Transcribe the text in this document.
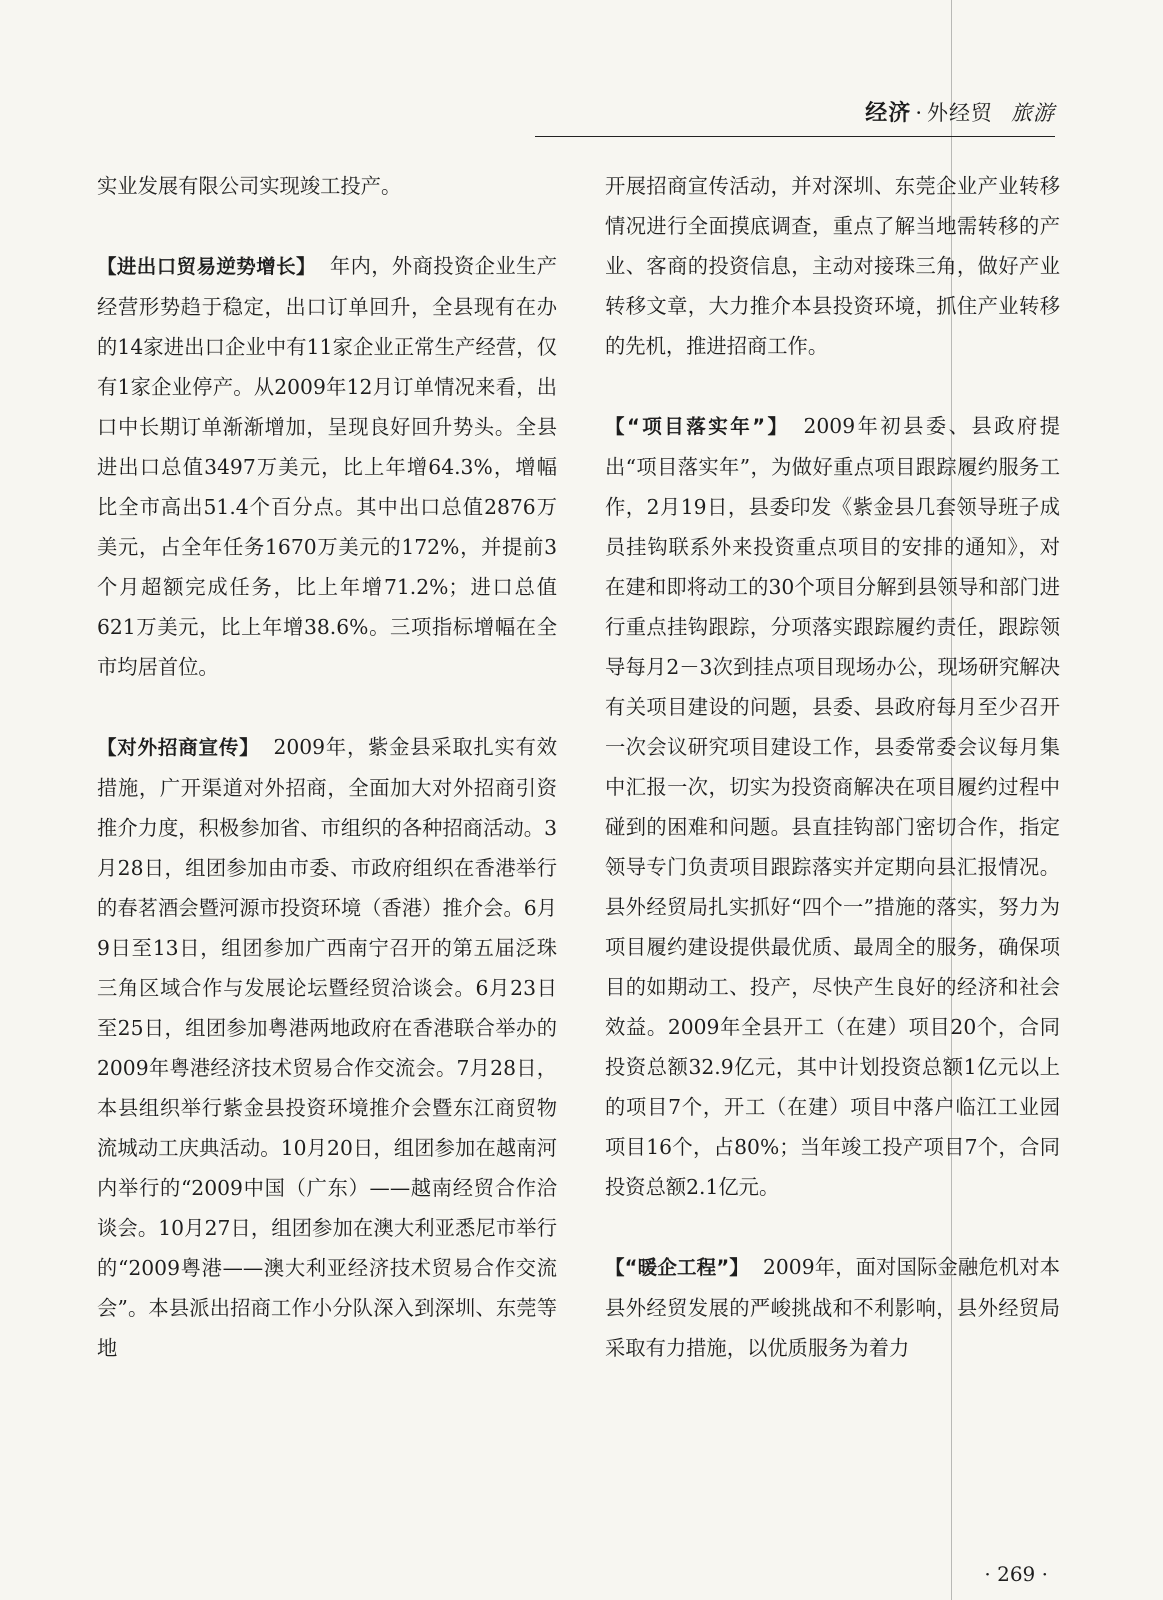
经济 · 外经贸 旅游

实业发展有限公司实现竣工投产。

【进出口贸易逆势增长】 年内，外商投资企业生产经营形势趋于稳定，出口订单回升，全县现有在办的14家进出口企业中有11家企业正常生产经营，仅有1家企业停产。从2009年12月订单情况来看，出口中长期订单渐渐增加，呈现良好回升势头。全县进出口总值3497万美元，比上年增64.3%，增幅比全市高出51.4个百分点。其中出口总值2876万美元，占全年任务1670万美元的172%，并提前3个月超额完成任务，比上年增71.2%；进口总值621万美元，比上年增38.6%。三项指标增幅在全市均居首位。

【对外招商宣传】 2009年，紫金县采取扎实有效措施，广开渠道对外招商，全面加大对外招商引资推介力度，积极参加省、市组织的各种招商活动。3月28日，组团参加由市委、市政府组织在香港举行的春茗酒会暨河源市投资环境（香港）推介会。6月9日至13日，组团参加广西南宁召开的第五届泛珠三角区域合作与发展论坛暨经贸洽谈会。6月23日至25日，组团参加粤港两地政府在香港联合举办的2009年粤港经济技术贸易合作交流会。7月28日，本县组织举行紫金县投资环境推介会暨东江商贸物流城动工庆典活动。10月20日，组团参加在越南河内举行的“2009中国（广东）——越南经贸合作洽谈会。10月27日，组团参加在澳大利亚悉尼市举行的“2009粤港——澳大利亚经济技术贸易合作交流会”。本县派出招商工作小分队深入到深圳、东莞等地

开展招商宣传活动，并对深圳、东莞企业产业转移情况进行全面摸底调查，重点了解当地需转移的产业、客商的投资信息，主动对接珠三角，做好产业转移文章，大力推介本县投资环境，抓住产业转移的先机，推进招商工作。

【“项目落实年”】 2009年初县委、县政府提出“项目落实年”，为做好重点项目跟踪履约服务工作，2月19日，县委印发《紫金县几套领导班子成员挂钩联系外来投资重点项目的安排的通知》，对在建和即将动工的30个项目分解到县领导和部门进行重点挂钩跟踪，分项落实跟踪履约责任，跟踪领导每月2－3次到挂点项目现场办公，现场研究解决有关项目建设的问题，县委、县政府每月至少召开一次会议研究项目建设工作，县委常委会议每月集中汇报一次，切实为投资商解决在项目履约过程中碰到的困难和问题。县直挂钩部门密切合作，指定领导专门负责项目跟踪落实并定期向县汇报情况。县外经贸局扎实抓好“四个一”措施的落实，努力为项目履约建设提供最优质、最周全的服务，确保项目的如期动工、投产，尽快产生良好的经济和社会效益。2009年全县开工（在建）项目20个，合同投资总额32.9亿元，其中计划投资总额1亿元以上的项目7个，开工（在建）项目中落户临江工业园项目16个，占80%；当年竣工投产项目7个，合同投资总额2.1亿元。

【“暖企工程”】 2009年，面对国际金融危机对本县外经贸发展的严峻挑战和不利影响，县外经贸局采取有力措施，以优质服务为着力

· 269 ·
